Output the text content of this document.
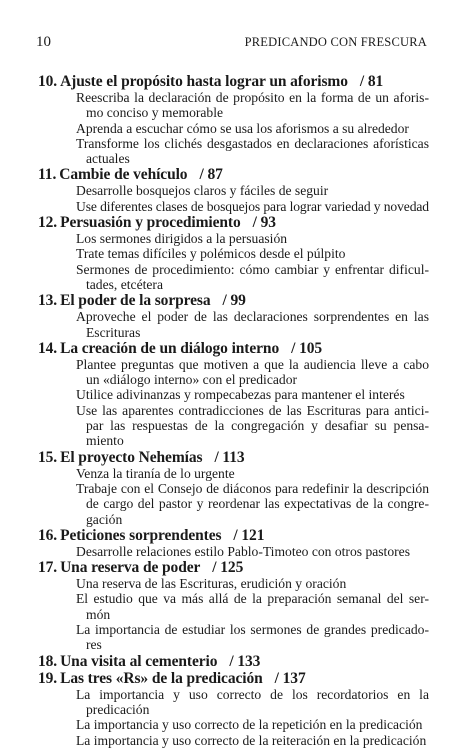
10	PREDICANDO CON FRESCURA
10. Ajuste el propósito hasta lograr un aforismo / 81
Reescriba la declaración de propósito en la forma de un aforis-
mo conciso y memorable
Aprenda a escuchar cómo se usa los aforismos a su alrededor
Transforme los clichés desgastados en declaraciones aforísticas
actuales
11. Cambie de vehículo / 87
Desarrolle bosquejos claros y fáciles de seguir
Use diferentes clases de bosquejos para lograr variedad y novedad
12. Persuasión y procedimiento / 93
Los sermones dirigidos a la persuasión
Trate temas difíciles y polémicos desde el púlpito
Sermones de procedimiento: cómo cambiar y enfrentar dificul-
tades, etcétera
13. El poder de la sorpresa / 99
Aproveche el poder de las declaraciones sorprendentes en las
Escrituras
14. La creación de un diálogo interno / 105
Plantee preguntas que motiven a que la audiencia lleve a cabo
un «diálogo interno» con el predicador
Utilice adivinanzas y rompecabezas para mantener el interés
Use las aparentes contradicciones de las Escrituras para antici-
par las respuestas de la congregación y desafiar su pensa-
miento
15. El proyecto Nehemías / 113
Venza la tiranía de lo urgente
Trabaje con el Consejo de diáconos para redefinir la descripción
de cargo del pastor y reordenar las expectativas de la congre-
gación
16. Peticiones sorprendentes / 121
Desarrolle relaciones estilo Pablo-Timoteo con otros pastores
17. Una reserva de poder / 125
Una reserva de las Escrituras, erudición y oración
El estudio que va más allá de la preparación semanal del ser-
món
La importancia de estudiar los sermones de grandes predicado-
res
18. Una visita al cementerio / 133
19. Las tres «Rs» de la predicación / 137
La importancia y uso correcto de los recordatorios en la
predicación
La importancia y uso correcto de la repetición en la predicación
La importancia y uso correcto de la reiteración en la predicación
